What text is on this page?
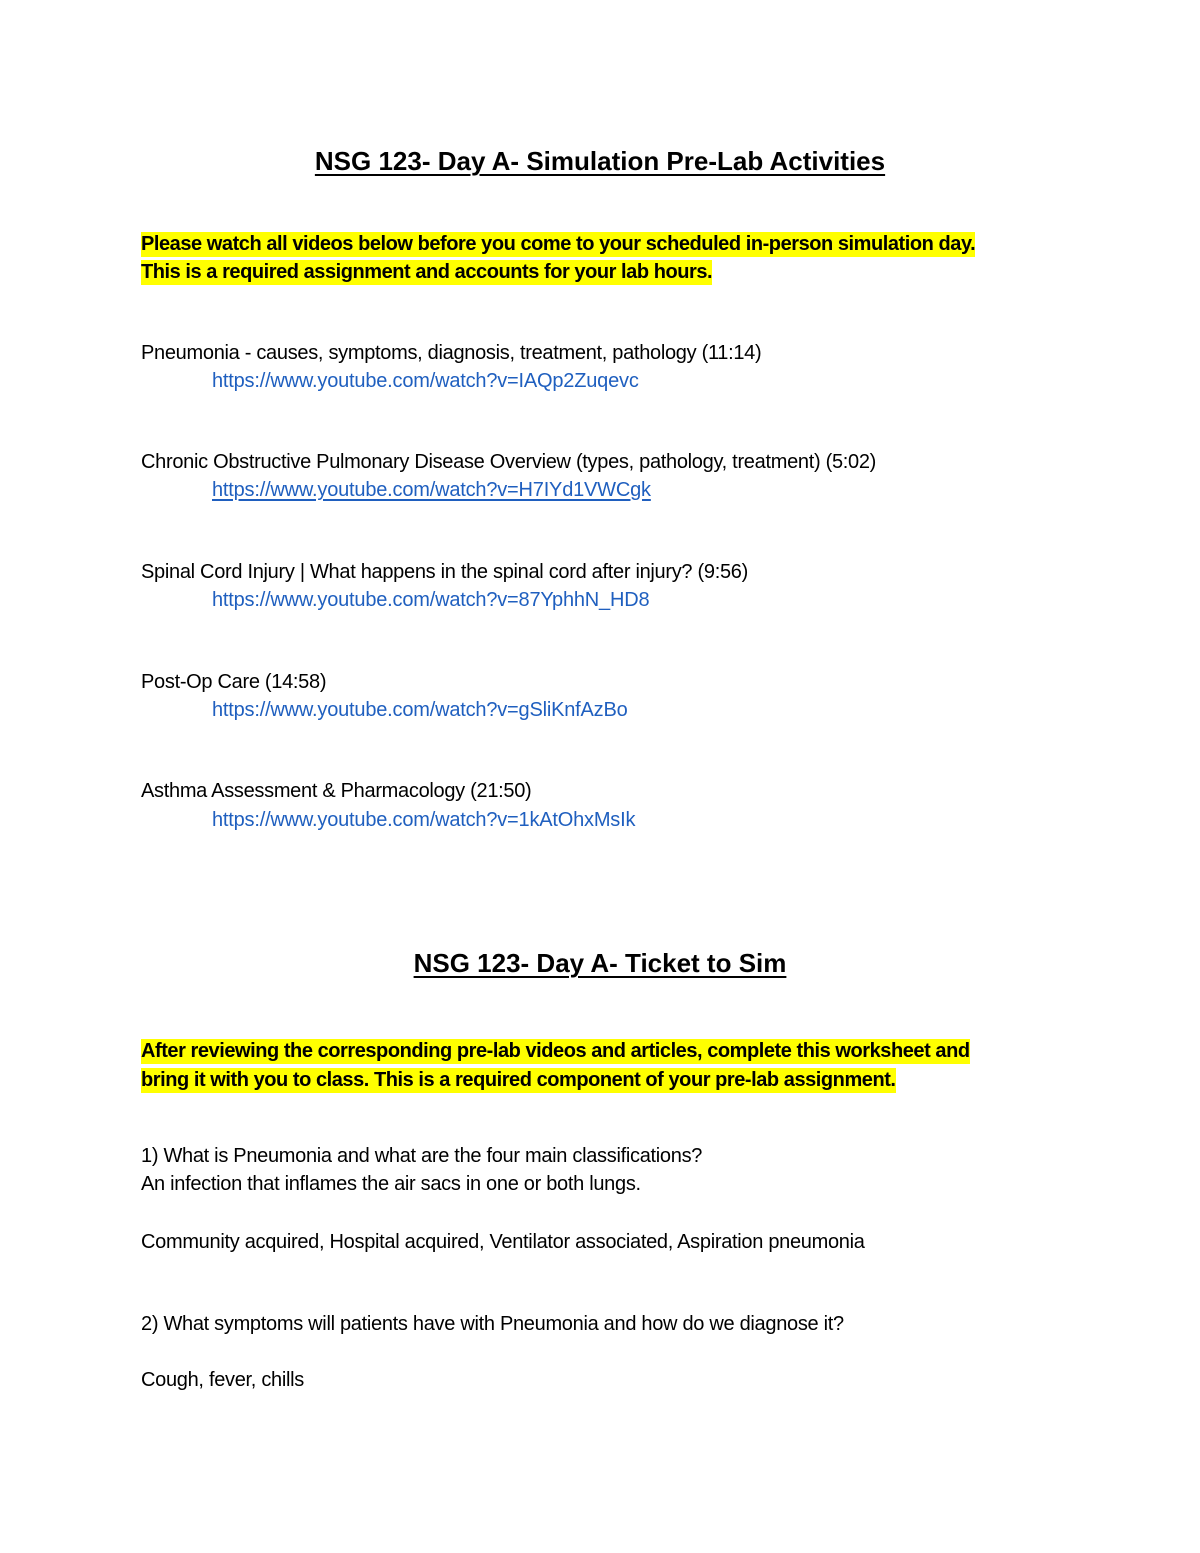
NSG 123- Day A- Simulation Pre-Lab Activities
Please watch all videos below before you come to your scheduled in-person simulation day.
This is a required assignment and accounts for your lab hours.
Pneumonia - causes, symptoms, diagnosis, treatment, pathology (11:14)
https://www.youtube.com/watch?v=IAQp2Zuqevc
Chronic Obstructive Pulmonary Disease Overview (types, pathology, treatment) (5:02)
https://www.youtube.com/watch?v=H7IYd1VWCgk
Spinal Cord Injury | What happens in the spinal cord after injury? (9:56)
https://www.youtube.com/watch?v=87YphhN_HD8
Post-Op Care (14:58)
https://www.youtube.com/watch?v=gSliKnfAzBo
Asthma Assessment & Pharmacology (21:50)
https://www.youtube.com/watch?v=1kAtOhxMsIk
NSG 123- Day A- Ticket to Sim
After reviewing the corresponding pre-lab videos and articles, complete this worksheet and
bring it with you to class. This is a required component of your pre-lab assignment.
1) What is Pneumonia and what are the four main classifications?
An infection that inflames the air sacs in one or both lungs.
Community acquired, Hospital acquired, Ventilator associated, Aspiration pneumonia
2) What symptoms will patients have with Pneumonia and how do we diagnose it?
Cough, fever, chills
